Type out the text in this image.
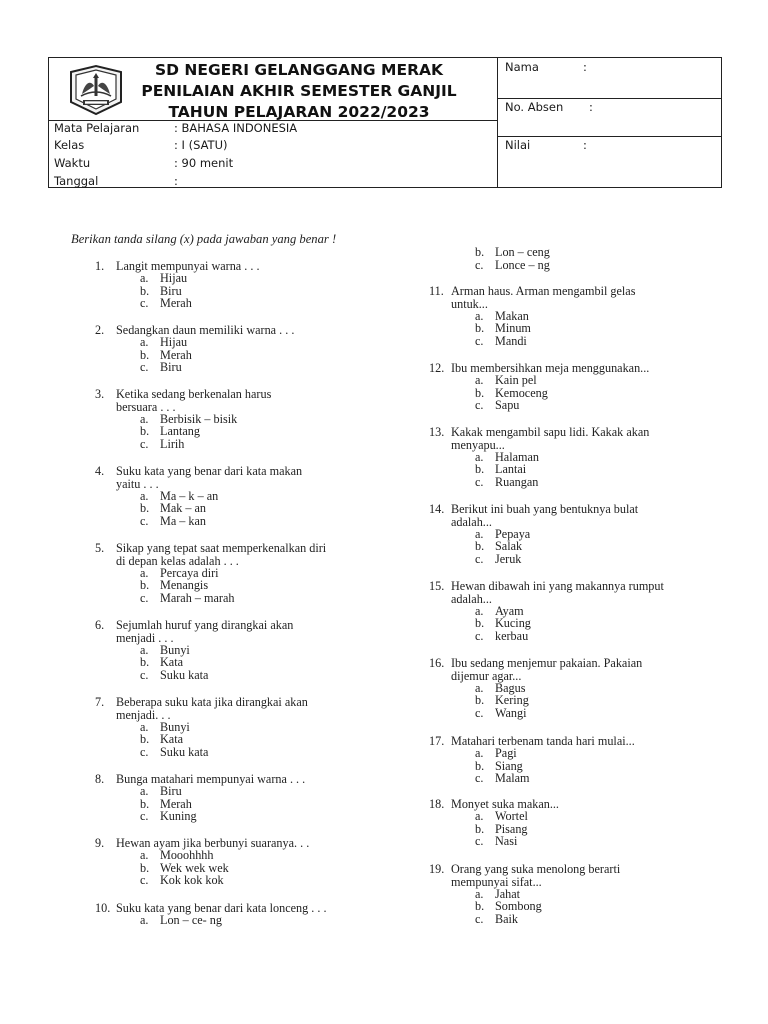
SD NEGERI GELANGGANG MERAK
PENILAIAN AKHIR SEMESTER GANJIL
TAHUN PELAJARAN 2022/2023
Mata Pelajaran	: BAHASA INDONESIA
Kelas	: I (SATU)
Waktu	: 90 menit
Tanggal	:
Nama	:
No. Absen :
Nilai	:
Berikan tanda silang (x) pada jawaban yang benar !
1. Langit mempunyai warna . . .
a. Hijau
b. Biru
c. Merah
2. Sedangkan daun memiliki warna . . .
a. Hijau
b. Merah
c. Biru
3. Ketika sedang berkenalan harus
bersuara . . .
a. Berbisik – bisik
b. Lantang
c. Lirih
4. Suku kata yang benar dari kata makan
yaitu . . .
a. Ma – k – an
b. Mak – an
c. Ma – kan
5. Sikap yang tepat saat memperkenalkan diri
di depan kelas adalah . . .
a. Percaya diri
b. Menangis
c. Marah – marah
6. Sejumlah huruf yang dirangkai akan
menjadi . . .
a. Bunyi
b. Kata
c. Suku kata
7. Beberapa suku kata jika dirangkai akan
menjadi. . .
a. Bunyi
b. Kata
c. Suku kata
8. Bunga matahari mempunyai warna . . .
a. Biru
b. Merah
c. Kuning
9. Hewan ayam jika berbunyi suaranya. . .
a. Mooohhhh
b. Wek wek wek
c. Kok kok kok
10. Suku kata yang benar dari kata lonceng . . .
a. Lon – ce- ng
b. Lon – ceng
c. Lonce – ng
11. Arman haus. Arman mengambil gelas
untuk...
a. Makan
b. Minum
c. Mandi
12. Ibu membersihkan meja menggunakan...
a. Kain pel
b. Kemoceng
c. Sapu
13. Kakak mengambil sapu lidi. Kakak akan
menyapu...
a. Halaman
b. Lantai
c. Ruangan
14. Berikut ini buah yang bentuknya bulat
adalah...
a. Pepaya
b. Salak
c. Jeruk
15. Hewan dibawah ini yang makannya rumput
adalah...
a. Ayam
b. Kucing
c. kerbau
16. Ibu sedang menjemur pakaian. Pakaian
dijemur agar...
a. Bagus
b. Kering
c. Wangi
17. Matahari terbenam tanda hari mulai...
a. Pagi
b. Siang
c. Malam
18. Monyet suka makan...
a. Wortel
b. Pisang
c. Nasi
19. Orang yang suka menolong berarti
mempunyai sifat...
a. Jahat
b. Sombong
c. Baik
